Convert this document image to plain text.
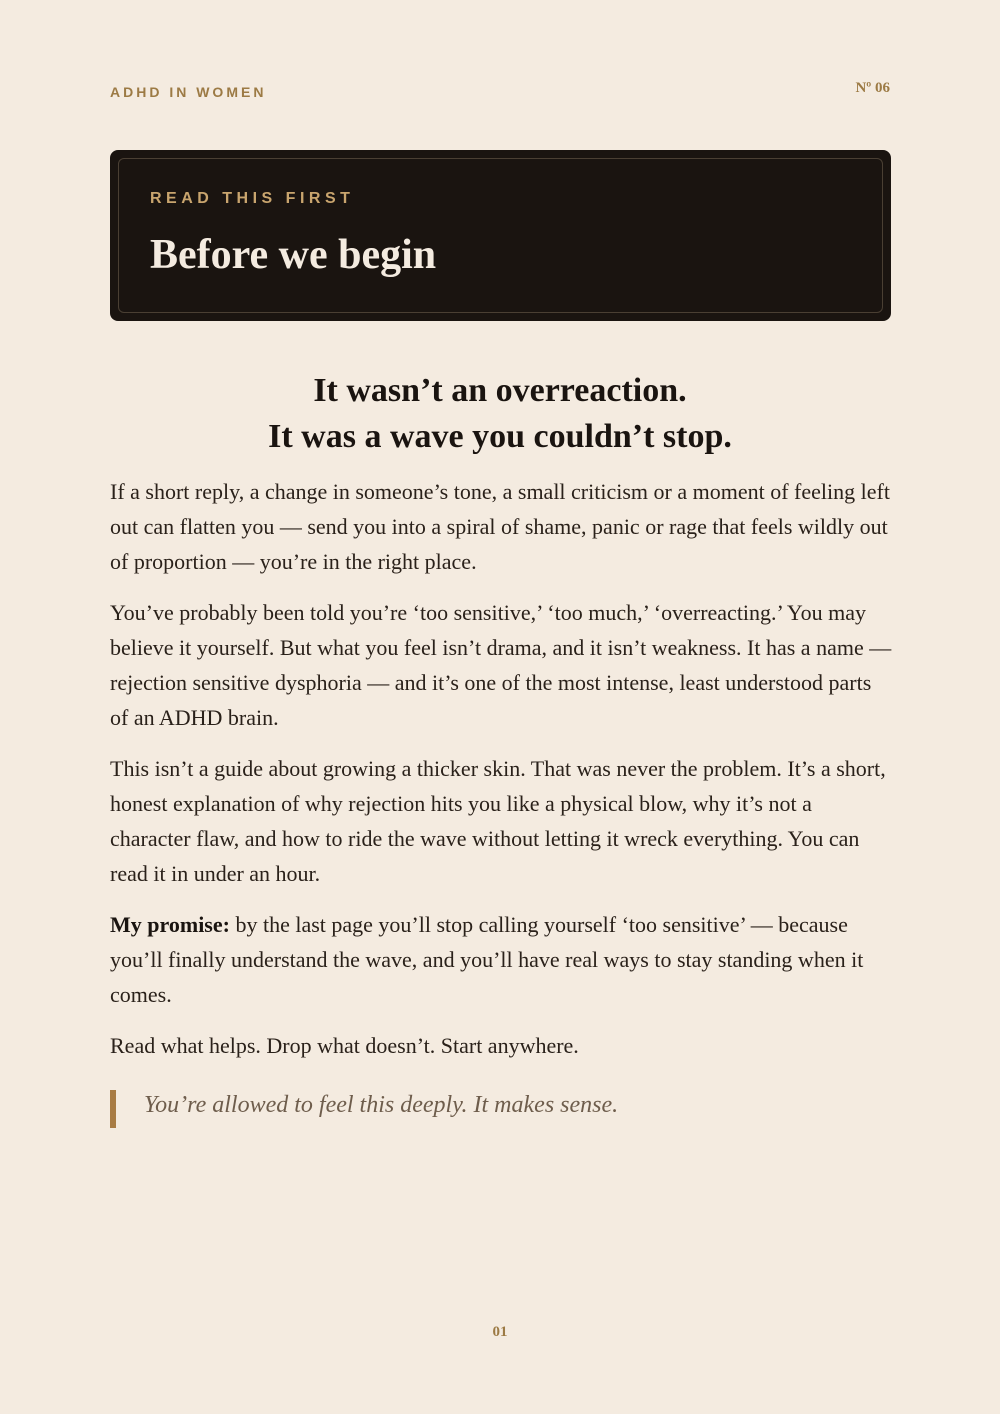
ADHD IN WOMEN	Nº 06
READ THIS FIRST
Before we begin
It wasn’t an overreaction.
It was a wave you couldn’t stop.

If a short reply, a change in someone’s tone, a small criticism or a moment of feeling left out can flatten you — send you into a spiral of shame, panic or rage that feels wildly out of proportion — you’re in the right place.

You’ve probably been told you’re ‘too sensitive,’ ‘too much,’ ‘overreacting.’ You may believe it yourself. But what you feel isn’t drama, and it isn’t weakness. It has a name — rejection sensitive dysphoria — and it’s one of the most intense, least understood parts of an ADHD brain.

This isn’t a guide about growing a thicker skin. That was never the problem. It’s a short, honest explanation of why rejection hits you like a physical blow, why it’s not a character flaw, and how to ride the wave without letting it wreck everything. You can read it in under an hour.

My promise: by the last page you’ll stop calling yourself ‘too sensitive’ — because you’ll finally understand the wave, and you’ll have real ways to stay standing when it comes.

Read what helps. Drop what doesn’t. Start anywhere.

You’re allowed to feel this deeply. It makes sense.
01
